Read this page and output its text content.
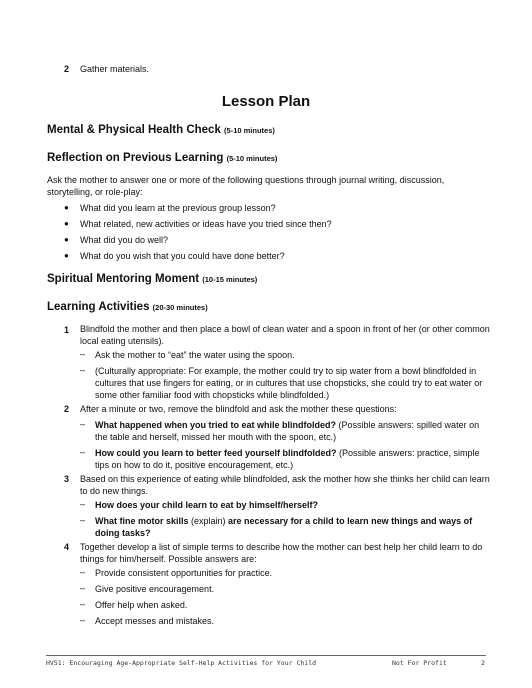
2 Gather materials.
Lesson Plan
Mental & Physical Health Check (5-10 minutes)
Reflection on Previous Learning (5-10 minutes)
Ask the mother to answer one or more of the following questions through journal writing, discussion, storytelling, or role-play:
● What did you learn at the previous group lesson?
● What related, new activities or ideas have you tried since then?
● What did you do well?
● What do you wish that you could have done better?
Spiritual Mentoring Moment (10-15 minutes)
Learning Activities (20-30 minutes)
1 Blindfold the mother and then place a bowl of clean water and a spoon in front of her (or other common local eating utensils).
– Ask the mother to “eat” the water using the spoon.
– (Culturally appropriate: For example, the mother could try to sip water from a bowl blindfolded in cultures that use fingers for eating, or in cultures that use chopsticks, she could try to eat water or some other familiar food with chopsticks while blindfolded.)
2 After a minute or two, remove the blindfold and ask the mother these questions:
– What happened when you tried to eat while blindfolded? (Possible answers: spilled water on the table and herself, missed her mouth with the spoon, etc.)
– How could you learn to better feed yourself blindfolded? (Possible answers: practice, simple tips on how to do it, positive encouragement, etc.)
3 Based on this experience of eating while blindfolded, ask the mother how she thinks her child can learn to do new things.
– How does your child learn to eat by himself/herself?
– What fine motor skills (explain) are necessary for a child to learn new things and ways of doing tasks?
4 Together develop a list of simple terms to describe how the mother can best help her child learn to do things for him/herself. Possible answers are:
– Provide consistent opportunities for practice.
– Give positive encouragement.
– Offer help when asked.
– Accept messes and mistakes.
HV51: Encouraging Age-Appropriate Self-Help Activities for Your Child	Not For Profit	2
